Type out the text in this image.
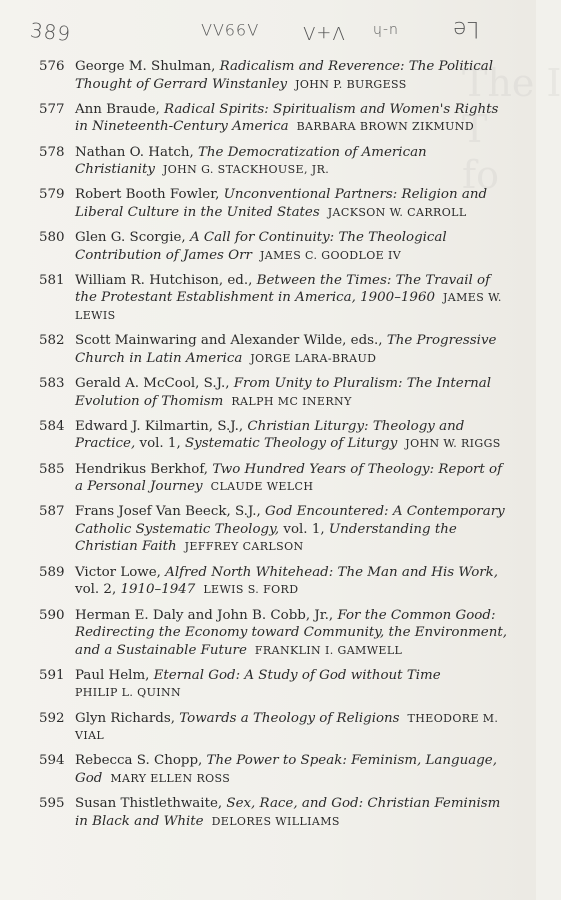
The I
T
fo
389	Λ99ΛΛ V+Λ u-h Le
576 George M. Shulman, Radicalism and Reverence: The Political Thought of Gerrard Winstanley JOHN P. BURGESS
577 Ann Braude, Radical Spirits: Spiritualism and Women's Rights in Nineteenth-Century America BARBARA BROWN ZIKMUND
578 Nathan O. Hatch, The Democratization of American Christianity JOHN G. STACKHOUSE, JR.
579 Robert Booth Fowler, Unconventional Partners: Religion and Liberal Culture in the United States JACKSON W. CARROLL
580 Glen G. Scorgie, A Call for Continuity: The Theological Contribution of James Orr JAMES C. GOODLOE IV
581 William R. Hutchison, ed., Between the Times: The Travail of the Protestant Establishment in America, 1900–1960 JAMES W. LEWIS
582 Scott Mainwaring and Alexander Wilde, eds., The Progressive Church in Latin America JORGE LARA-BRAUD
583 Gerald A. McCool, S.J., From Unity to Pluralism: The Internal Evolution of Thomism RALPH MC INERNY
584 Edward J. Kilmartin, S.J., Christian Liturgy: Theology and Practice, vol. 1, Systematic Theology of Liturgy JOHN W. RIGGS
585 Hendrikus Berkhof, Two Hundred Years of Theology: Report of a Personal Journey CLAUDE WELCH
587 Frans Josef Van Beeck, S.J., God Encountered: A Contemporary Catholic Systematic Theology, vol. 1, Understanding the Christian Faith JEFFREY CARLSON
589 Victor Lowe, Alfred North Whitehead: The Man and His Work, vol. 2, 1910–1947 LEWIS S. FORD
590 Herman E. Daly and John B. Cobb, Jr., For the Common Good: Redirecting the Economy toward Community, the Environment, and a Sustainable Future FRANKLIN I. GAMWELL
591 Paul Helm, Eternal God: A Study of God without Time
PHILIP L. QUINN
592 Glyn Richards, Towards a Theology of Religions THEODORE M. VIAL
594 Rebecca S. Chopp, The Power to Speak: Feminism, Language, God MARY ELLEN ROSS
595 Susan Thistlethwaite, Sex, Race, and God: Christian Feminism in Black and White DELORES WILLIAMS
